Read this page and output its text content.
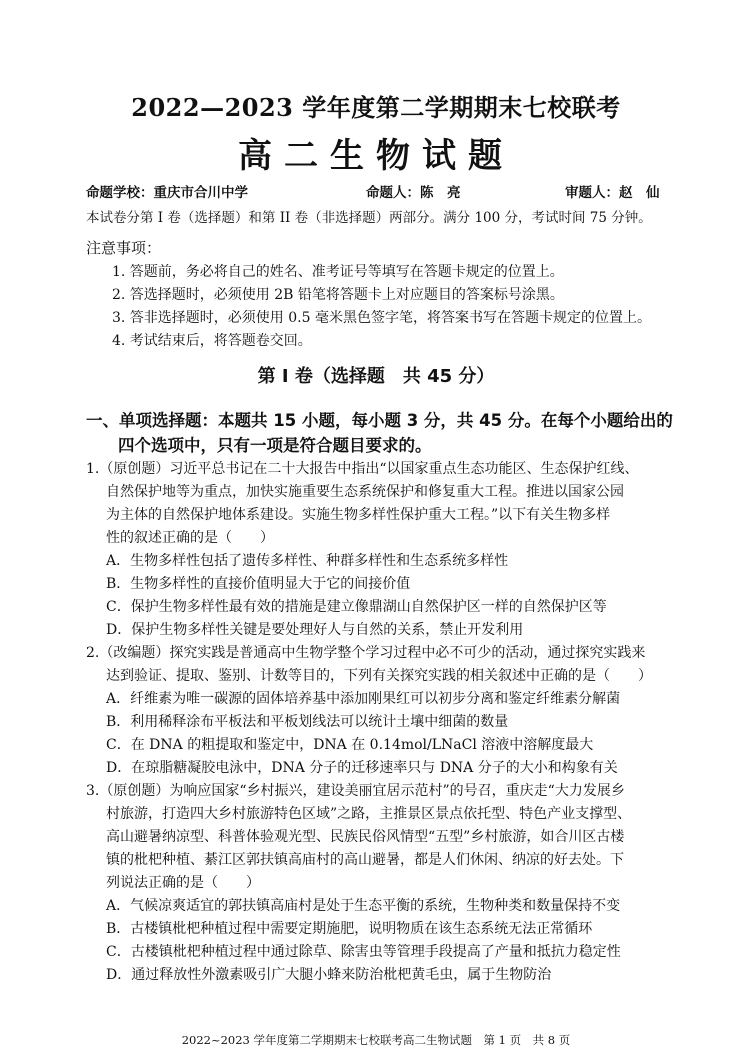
2022—2023 学年度第二学期期末七校联考
高二生物试题
命题学校：重庆市合川中学	命题人：陈　亮	审题人：赵　仙
本试卷分第 I 卷（选择题）和第 II 卷（非选择题）两部分。满分 100 分，考试时间 75 分钟。
注意事项：
1. 答题前，务必将自己的姓名、准考证号等填写在答题卡规定的位置上。
2. 答选择题时，必须使用 2B 铅笔将答题卡上对应题目的答案标号涂黑。
3. 答非选择题时，必须使用 0.5 毫米黑色签字笔，将答案书写在答题卡规定的位置上。
4. 考试结束后，将答题卷交回。
第 I 卷（选择题　共 45 分）
一、单项选择题：本题共 15 小题，每小题 3 分，共 45 分。在每个小题给出的
四个选项中，只有一项是符合题目要求的。
1.（原创题）习近平总书记在二十大报告中指出“以国家重点生态功能区、生态保护红线、
自然保护地等为重点，加快实施重要生态系统保护和修复重大工程。推进以国家公园
为主体的自然保护地体系建设。实施生物多样性保护重大工程。”以下有关生物多样
性的叙述正确的是（　　）
A．生物多样性包括了遗传多样性、种群多样性和生态系统多样性
B．生物多样性的直接价值明显大于它的间接价值
C．保护生物多样性最有效的措施是建立像鼎湖山自然保护区一样的自然保护区等
D．保护生物多样性关键是要处理好人与自然的关系，禁止开发利用
2.（改编题）探究实践是普通高中生物学整个学习过程中必不可少的活动，通过探究实践来
达到验证、提取、鉴别、计数等目的，下列有关探究实践的相关叙述中正确的是（　　）
A．纤维素为唯一碳源的固体培养基中添加刚果红可以初步分离和鉴定纤维素分解菌
B．利用稀释涂布平板法和平板划线法可以统计土壤中细菌的数量
C．在 DNA 的粗提取和鉴定中，DNA 在 0.14mol/LNaCl 溶液中溶解度最大
D．在琼脂糖凝胶电泳中，DNA 分子的迁移速率只与 DNA 分子的大小和构象有关
3.（原创题）为响应国家“乡村振兴，建设美丽宜居示范村”的号召，重庆走“大力发展乡
村旅游，打造四大乡村旅游特色区域”之路，主推景区景点依托型、特色产业支撑型、
高山避暑纳凉型、科普体验观光型、民族民俗风情型“五型”乡村旅游，如合川区古楼
镇的枇杷种植、綦江区郭扶镇高庙村的高山避暑，都是人们休闲、纳凉的好去处。下
列说法正确的是（　　）
A．气候凉爽适宜的郭扶镇高庙村是处于生态平衡的系统，生物种类和数量保持不变
B．古楼镇枇杷种植过程中需要定期施肥，说明物质在该生态系统无法正常循环
C．古楼镇枇杷种植过程中通过除草、除害虫等管理手段提高了产量和抵抗力稳定性
D．通过释放性外激素吸引广大腿小蜂来防治枇杷黄毛虫，属于生物防治
2022~2023 学年度第二学期期末七校联考高二生物试题　第 1 页　共 8 页
